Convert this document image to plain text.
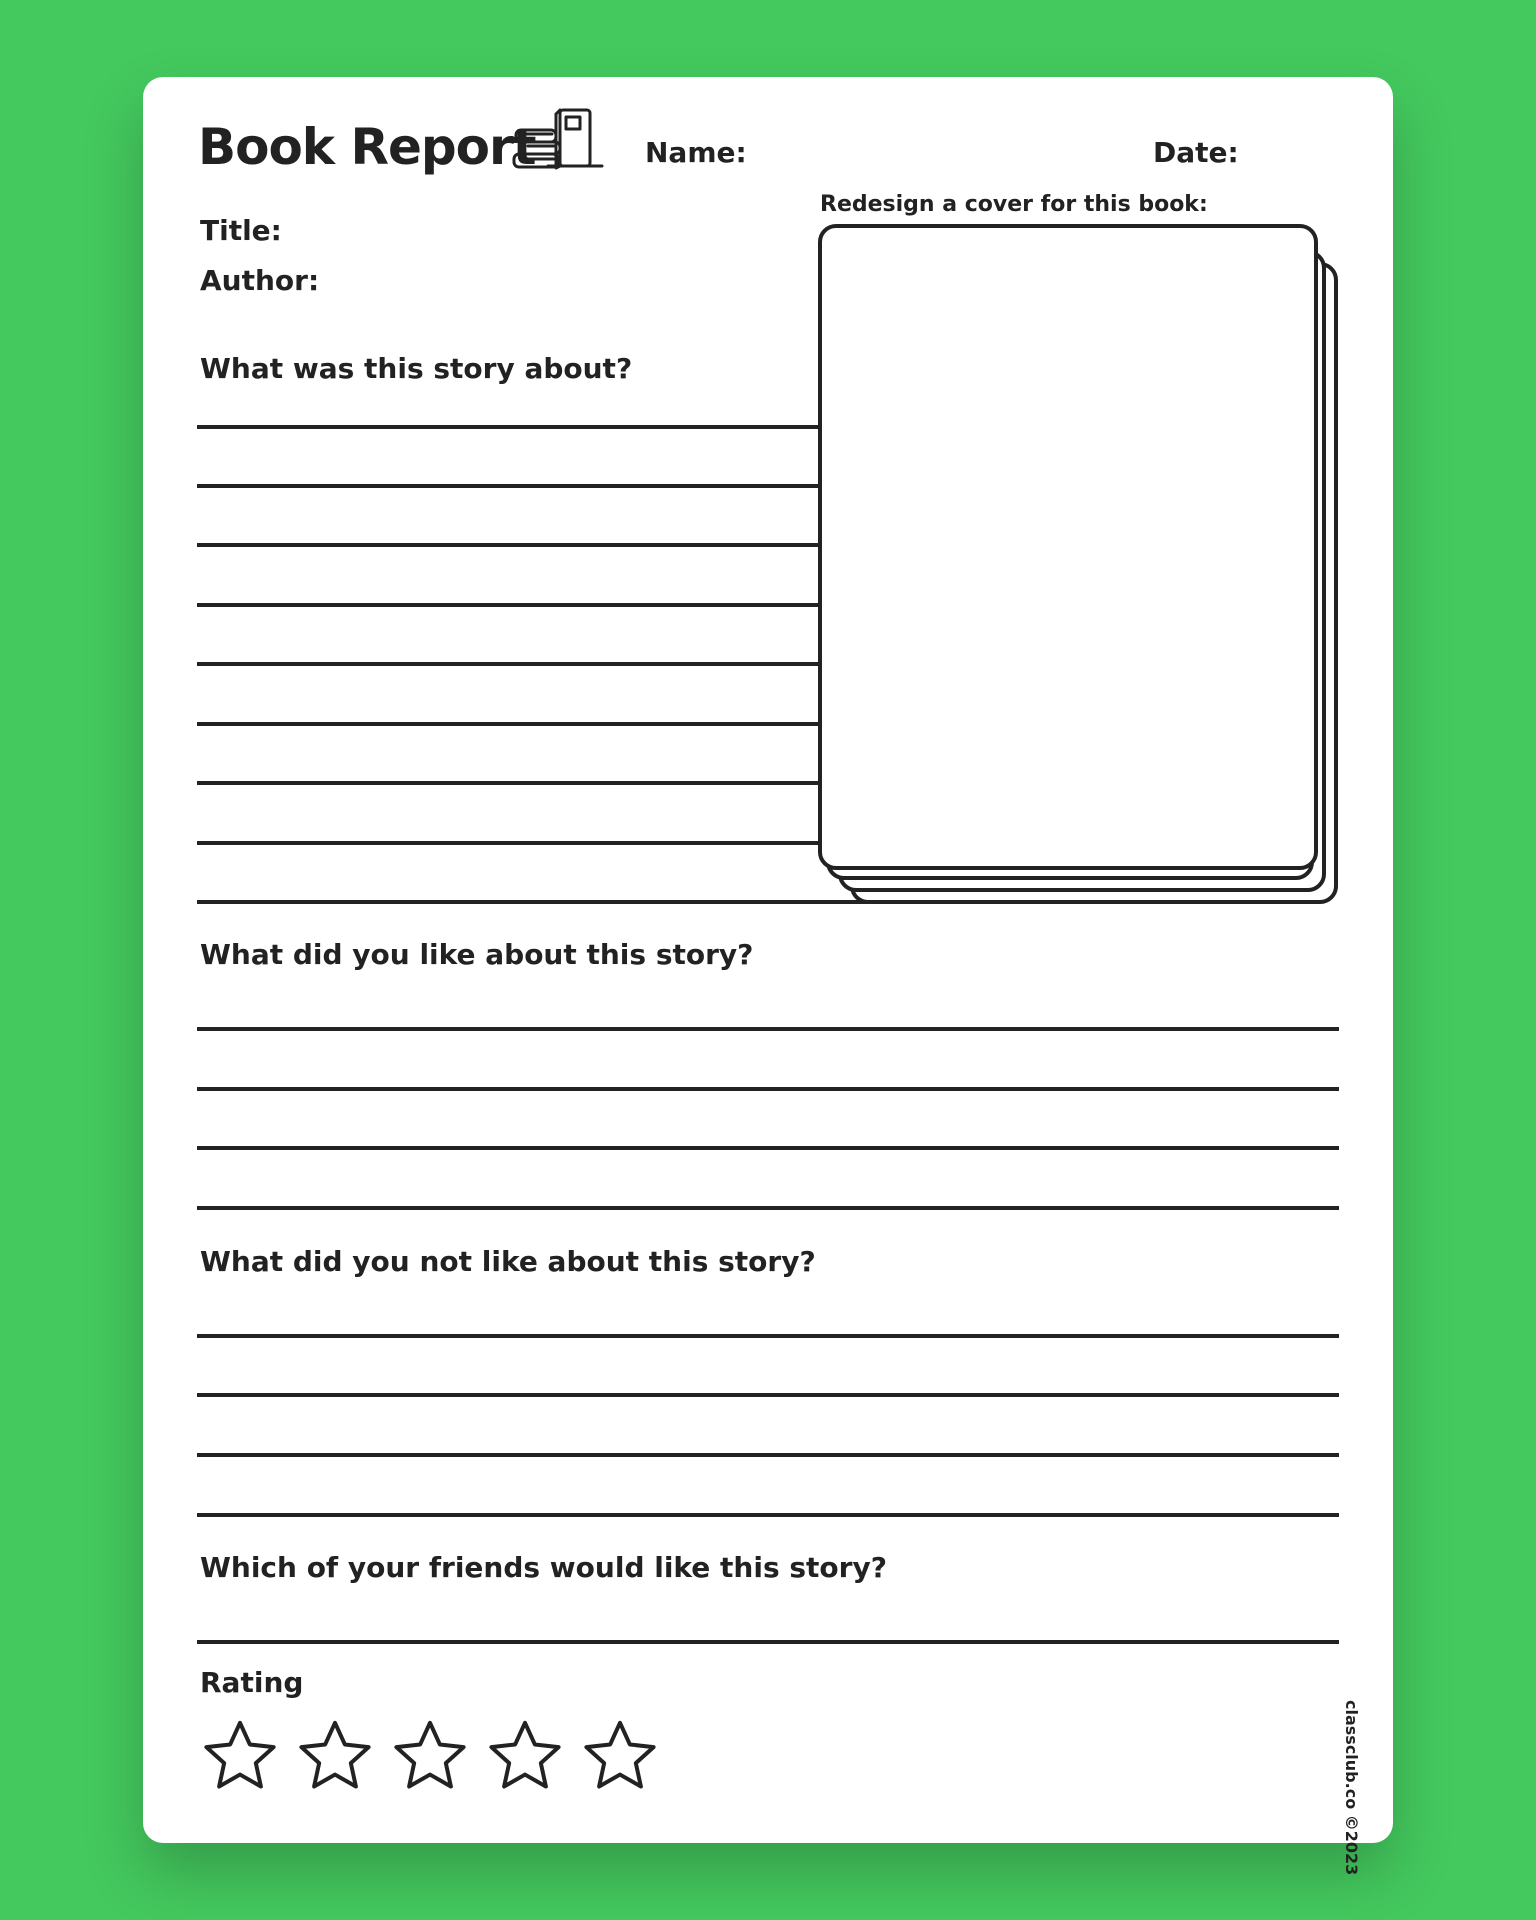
Book Report	Name:	Date:
Title:
Author:
Redesign a cover for this book:
What was this story about?
What did you like about this story?
What did you not like about this story?
Which of your friends would like this story?
Rating
classclub.co ©2023
